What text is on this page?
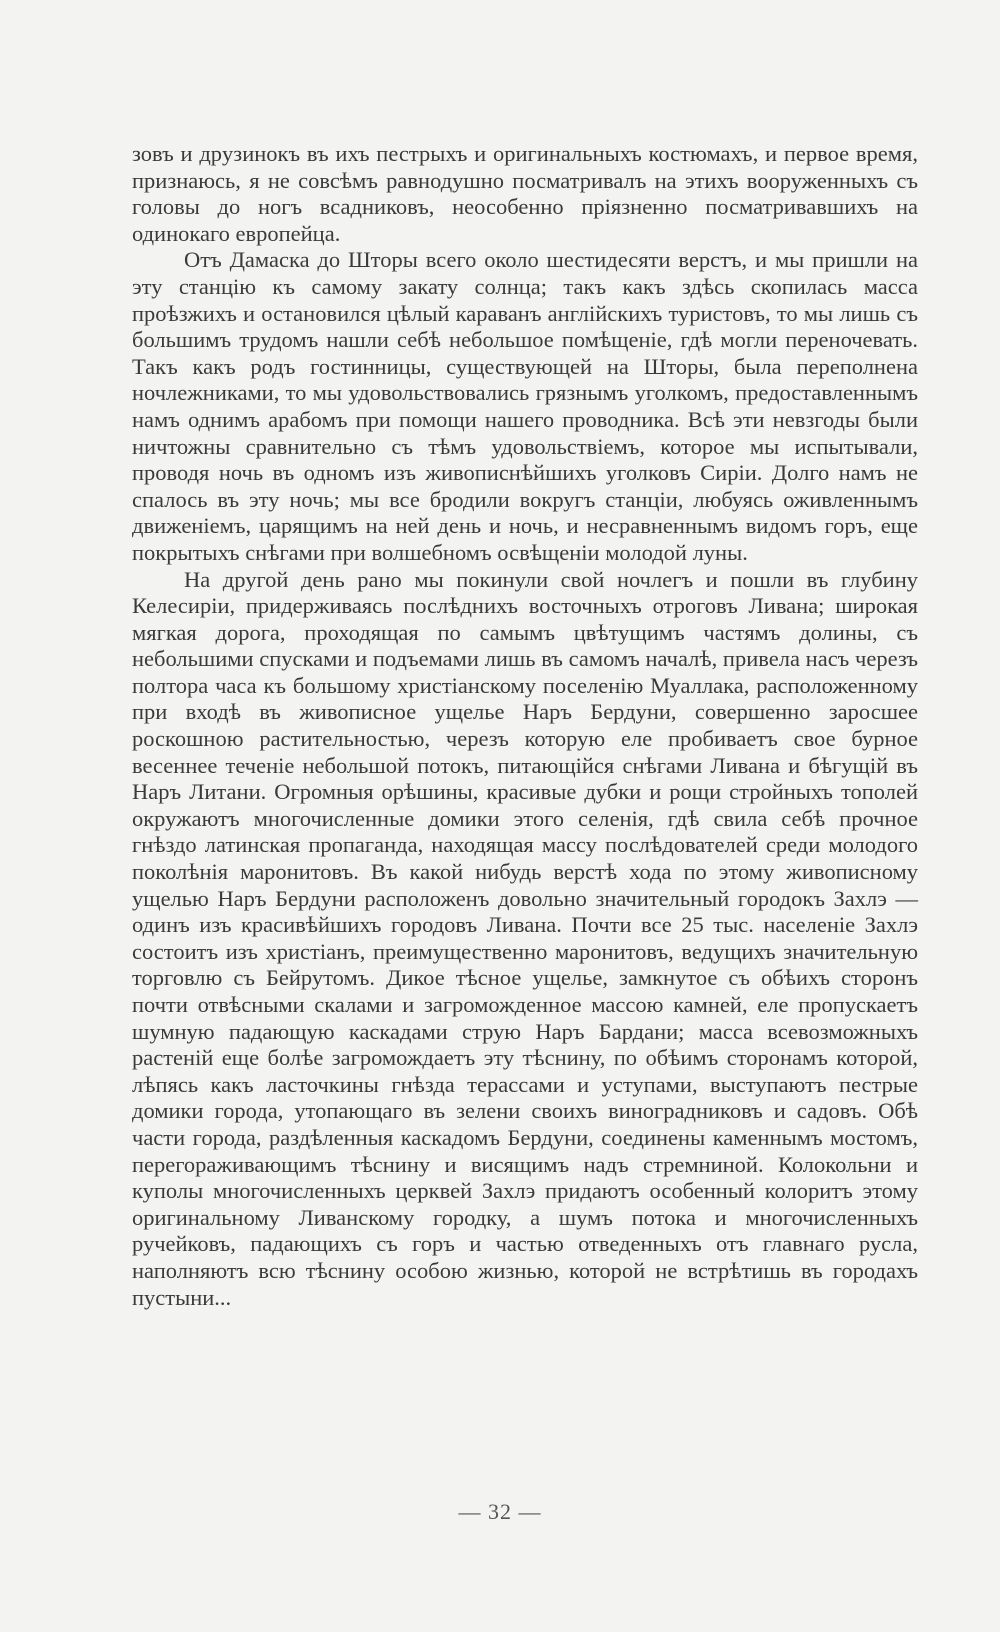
зовъ и дрyзинокъ въ ихъ пестрыхъ и оригинальныхъ костюмахъ, и первое время, признаюсь, я не совсѣмъ равнодушно посматривалъ на этихъ вооруженныхъ съ головы до ногъ всадниковъ, неособенно пріязненно посматривавшихъ на одинокаго европейца.

Отъ Дамаска до Шторы всего около шестидесяти верстъ, и мы пришли на эту станцію къ самому закату солнца; такъ какъ здѣсь скопилась масса проѣзжихъ и остановился цѣлый караванъ англійскихъ туристовъ, то мы лишь съ большимъ трудомъ нашли себѣ небольшое помѣщеніе, гдѣ могли переночевать. Такъ какъ родъ гостинницы, существующей на Шторы, была переполнена ночлежниками, то мы удовольствовались грязнымъ уголкомъ, предоставленнымъ намъ однимъ арабомъ при помощи нашего проводника. Всѣ эти невзгоды были ничтожны сравнительно съ тѣмъ удовольствіемъ, которое мы испытывали, проводя ночь въ одномъ изъ живописнѣйшихъ уголковъ Сиріи. Долго намъ не спалось въ эту ночь; мы все бродили вокругъ станціи, любуясь оживленнымъ движеніемъ, царящимъ на ней день и ночь, и несравненнымъ видомъ горъ, еще покрытыхъ снѣгами при волшебномъ освѣщеніи молодой луны.

На другой день рано мы покинули свой ночлегъ и пошли въ глубину Келесиріи, придерживаясь послѣднихъ восточныхъ отроговъ Ливана; широкая мягкая дорога, проходящая по самымъ цвѣтущимъ частямъ долины, съ небольшими спусками и подъемами лишь въ самомъ началѣ, привела насъ черезъ полтора часа къ большому христіанскому поселенію Муаллака, расположенному при входѣ въ живописное ущелье Наръ Бердуни, совершенно заросшее роскошною растительностью, черезъ которую еле пробиваетъ свое бурное весеннее теченіе небольшой потокъ, питающійся снѣгами Ливана и бѣгущій въ Наръ Литани. Огромныя орѣшины, красивые дубки и рощи стройныхъ тополей окружаютъ многочисленные домики этого селенія, гдѣ свила себѣ прочное гнѣздо латинская пропаганда, находящая массу послѣдователей среди молодого поколѣнія маронитовъ. Въ какой нибудь верстѣ хода по этому живописному ущелью Наръ Бердуни расположенъ довольно значительный городокъ Захлэ — одинъ изъ красивѣйшихъ городовъ Ливана. Почти все 25 тыс. населеніе Захлэ состоитъ изъ христіанъ, преимущественно маронитовъ, ведущихъ значительную торговлю съ Бейрутомъ. Дикое тѣсное ущелье, замкнутое съ обѣихъ сторонъ почти отвѣсными скалами и загроможденное массою камней, еле пропускаетъ шумную падающую каскадами струю Наръ Бардани; масса всевозможныхъ растеній еще болѣе загромождаетъ эту тѣснину, по обѣимъ сторонамъ которой, лѣпясь какъ ласточкины гнѣзда терассами и уступами, выступаютъ пестрые домики города, утопающаго въ зелени своихъ виноградниковъ и садовъ. Обѣ части города, раздѣленныя каскадомъ Бердуни, соединены каменнымъ мостомъ, перегораживающимъ тѣснину и висящимъ надъ стремниной. Колокольни и куполы многочисленныхъ церквей Захлэ придаютъ особенный колоритъ этому оригинальному Ливанскому городку, а шумъ потока и многочисленныхъ ручейковъ, падающихъ съ горъ и частью отведенныхъ отъ главнаго русла, наполняютъ всю тѣснину особою жизнью, которой не встрѣтишь въ городахъ пустыни...

— 32 —
